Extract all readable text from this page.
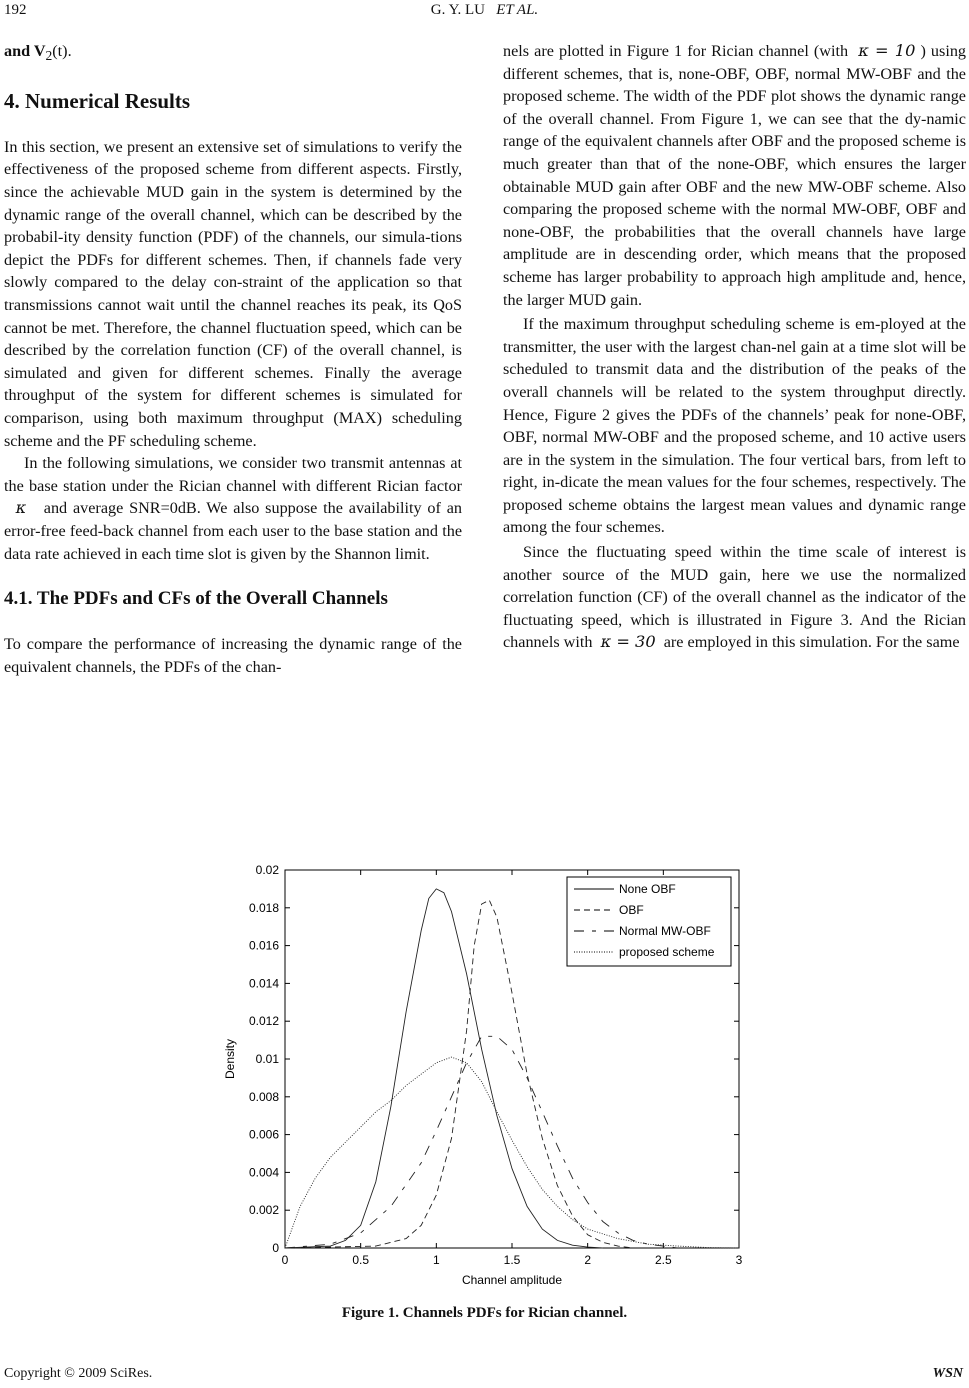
192	G. Y. LU ET AL.

and $V_2(t)$.

4. Numerical Results

In this section, we present an extensive set of simulations to verify the effectiveness of the proposed scheme from different aspects. Firstly, since the achievable MUD gain in the system is determined by the dynamic range of the overall channel, which can be described by the probabil-ity density function (PDF) of the channels, our simula-tions depict the PDFs for different schemes. Then, if channels fade very slowly compared to the delay con-straint of the application so that transmissions cannot wait until the channel reaches its peak, its QoS cannot be met. Therefore, the channel fluctuation speed, which can be described by the correlation function (CF) of the overall channel, is simulated and given for different schemes. Finally the average throughput of the system for different schemes is simulated for comparison, using both maximum throughput (MAX) scheduling scheme and the PF scheduling scheme.

In the following simulations, we consider two transmit antennas at the base station under the Rician channel with different Rician factor   κ and average SNR=0dB. We also suppose the availability of an error-free feed-back channel from each user to the base station and the data rate achieved in each time slot is given by the Shannon limit.

4.1. The PDFs and CFs of the Overall Channels

To compare the performance of increasing the dynamic range of the equivalent channels, the PDFs of the chan-

nels are plotted in Figure 1 for Rician channel (with κ = 10 ) using different schemes, that is, none-OBF, OBF, normal MW-OBF and the proposed scheme. The width of the PDF plot shows the dynamic range of the overall channel. From Figure 1, we can see that the dy-namic range of the equivalent channels after OBF and the proposed scheme is much greater than that of the none-OBF, which ensures the larger obtainable MUD gain after OBF and the new MW-OBF scheme. Also comparing the proposed scheme with the normal MW-OBF, OBF and none-OBF, the probabilities that the overall channels have large amplitude are in descending order, which means that the proposed scheme has larger probability to approach high amplitude and, hence, the larger MUD gain.

If the maximum throughput scheduling scheme is em-ployed at the transmitter, the user with the largest chan-nel gain at a time slot will be scheduled to transmit data and the distribution of the peaks of the overall channels will be related to the system throughput directly. Hence, Figure 2 gives the PDFs of the channels’ peak for none-OBF, OBF, normal MW-OBF and the proposed scheme, and 10 active users are in the system in the simulation. The four vertical bars, from left to right, in-dicate the mean values for the four schemes, respectively. The proposed scheme obtains the largest mean values and dynamic range among the four schemes.

Since the fluctuating speed within the time scale of interest is another source of the MUD gain, here we use the normalized correlation function (CF) of the overall channel as the indicator of the fluctuating speed, which is illustrated in Figure 3. And the Rician channels with κ = 30 are employed in this simulation. For the same

0	0.5	1	1.5	2	2.5	3
0
0.002
0.004
0.006
0.008
0.01
0.012
0.014
0.016
0.018
0.02
Channel amplitude
Density
None OBF
OBF
Normal MW-OBF
proposed scheme
Figure 1. Channels PDFs for Rician channel.
Copyright © 2009 SciRes.	WSN
